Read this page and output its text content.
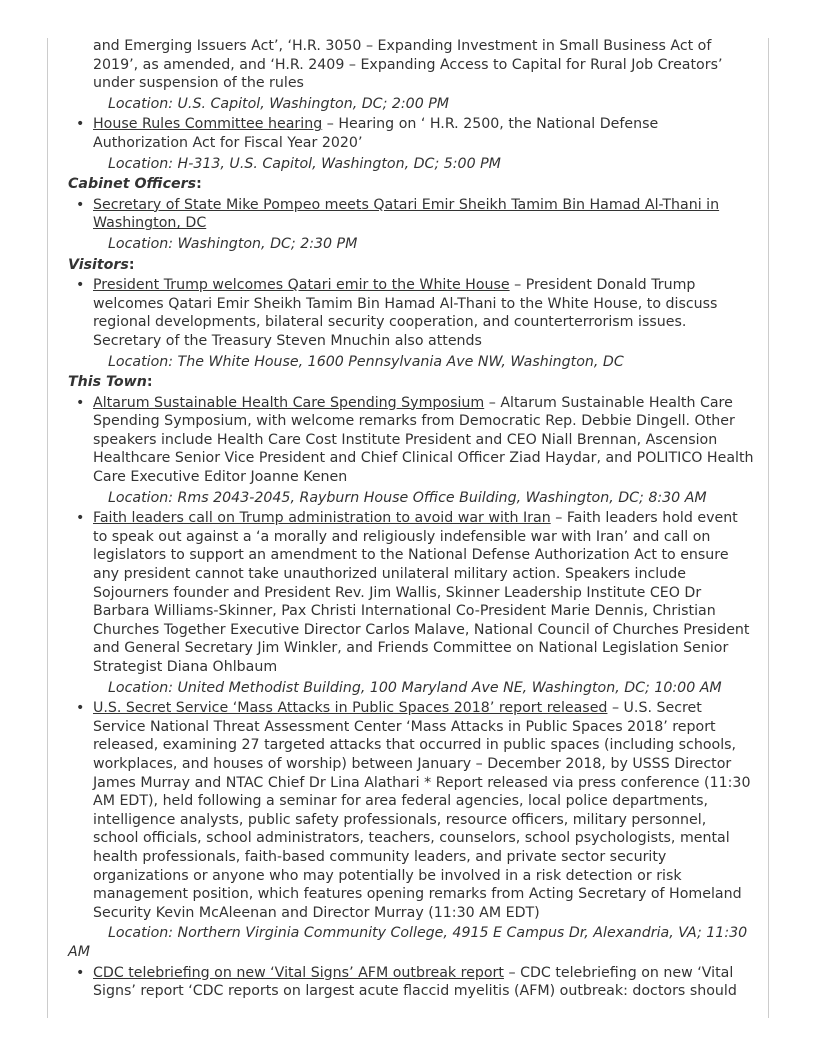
and Emerging Issuers Act’, ‘H.R. 3050 – Expanding Investment in Small Business Act of 2019’, as amended, and ‘H.R. 2409 – Expanding Access to Capital for Rural Job Creators’ under suspension of the rules

Location: U.S. Capitol, Washington, DC; 2:00 PM

• House Rules Committee hearing – Hearing on ‘ H.R. 2500, the National Defense Authorization Act for Fiscal Year 2020’

Location: H-313, U.S. Capitol, Washington, DC; 5:00 PM

Cabinet Officers:

• Secretary of State Mike Pompeo meets Qatari Emir Sheikh Tamim Bin Hamad Al-Thani in Washington, DC

Location: Washington, DC; 2:30 PM

Visitors:

• President Trump welcomes Qatari emir to the White House – President Donald Trump welcomes Qatari Emir Sheikh Tamim Bin Hamad Al-Thani to the White House, to discuss regional developments, bilateral security cooperation, and counterterrorism issues. Secretary of the Treasury Steven Mnuchin also attends

Location: The White House, 1600 Pennsylvania Ave NW, Washington, DC

This Town:

• Altarum Sustainable Health Care Spending Symposium – Altarum Sustainable Health Care Spending Symposium, with welcome remarks from Democratic Rep. Debbie Dingell. Other speakers include Health Care Cost Institute President and CEO Niall Brennan, Ascension Healthcare Senior Vice President and Chief Clinical Officer Ziad Haydar, and POLITICO Health Care Executive Editor Joanne Kenen

Location: Rms 2043-2045, Rayburn House Office Building, Washington, DC; 8:30 AM

• Faith leaders call on Trump administration to avoid war with Iran – Faith leaders hold event to speak out against a ‘a morally and religiously indefensible war with Iran’ and call on legislators to support an amendment to the National Defense Authorization Act to ensure any president cannot take unauthorized unilateral military action. Speakers include Sojourners founder and President Rev. Jim Wallis, Skinner Leadership Institute CEO Dr Barbara Williams-Skinner, Pax Christi International Co-President Marie Dennis, Christian Churches Together Executive Director Carlos Malave, National Council of Churches President and General Secretary Jim Winkler, and Friends Committee on National Legislation Senior Strategist Diana Ohlbaum

Location: United Methodist Building, 100 Maryland Ave NE, Washington, DC; 10:00 AM

• U.S. Secret Service ‘Mass Attacks in Public Spaces 2018’ report released – U.S. Secret Service National Threat Assessment Center ‘Mass Attacks in Public Spaces 2018’ report released, examining 27 targeted attacks that occurred in public spaces (including schools, workplaces, and houses of worship) between January – December 2018, by USSS Director James Murray and NTAC Chief Dr Lina Alathari * Report released via press conference (11:30 AM EDT), held following a seminar for area federal agencies, local police departments, intelligence analysts, public safety professionals, resource officers, military personnel, school officials, school administrators, teachers, counselors, school psychologists, mental health professionals, faith-based community leaders, and private sector security organizations or anyone who may potentially be involved in a risk detection or risk management position, which features opening remarks from Acting Secretary of Homeland Security Kevin McAleenan and Director Murray (11:30 AM EDT)

Location: Northern Virginia Community College, 4915 E Campus Dr, Alexandria, VA; 11:30 AM

• CDC telebriefing on new ‘Vital Signs’ AFM outbreak report – CDC telebriefing on new ‘Vital Signs’ report ‘CDC reports on largest acute flaccid myelitis (AFM) outbreak: doctors should
